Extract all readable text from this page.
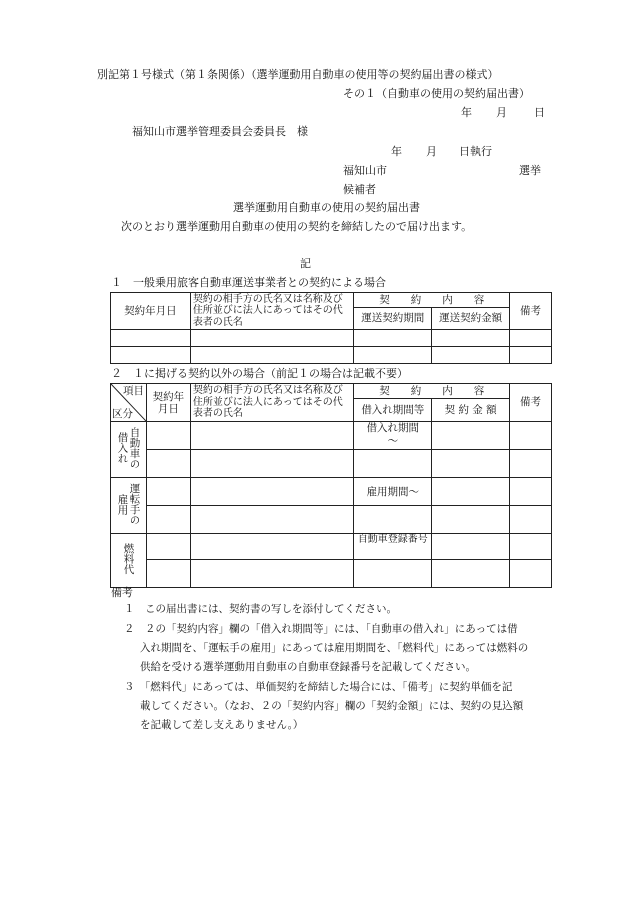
別記第１号様式（第１条関係）（選挙運動用自動車の使用等の契約届出書の様式）
その１（自動車の使用の契約届出書）
年 月 日
福知山市選挙管理委員会委員長　様
年 月 日執行
福知山市	選挙
候補者
選挙運動用自動車の使用の契約届出書
次のとおり選挙運動用自動車の使用の契約を締結したので届け出ます。
記
１　一般乗用旅客自動車運送事業者との契約による場合
契約年月日	契約の相手方の氏名又は名称及び住所並びに法人にあってはその代表者の氏名	契　　約　　内　　容		備考
		運送契約期間	運送契約金額	

２　１に掲げる契約以外の場合（前記１の場合は記載不要）
項目
区分	契約年月日	契約の相手方の氏名又は名称及び住所並びに法人にあってはその代表者の氏名	契　　約　　内　　容		備考
			借入れ期間等	契 約 金 額	
自動車の借入れ			借入れ期間
～		

運転手の雇用			雇用期間～		

燃料代			自動車登録番号		

備考
１　この届出書には、契約書の写しを添付してください。
２　２の「契約内容」欄の「借入れ期間等」には、「自動車の借入れ」にあっては借
入れ期間を、「運転手の雇用」にあっては雇用期間を、「燃料代」にあっては燃料の
供給を受ける選挙運動用自動車の自動車登録番号を記載してください。
３　「燃料代」にあっては、単価契約を締結した場合には、「備考」に契約単価を記
載してください。（なお、２の「契約内容」欄の「契約金額」には、契約の見込額
を記載して差し支えありません。）
